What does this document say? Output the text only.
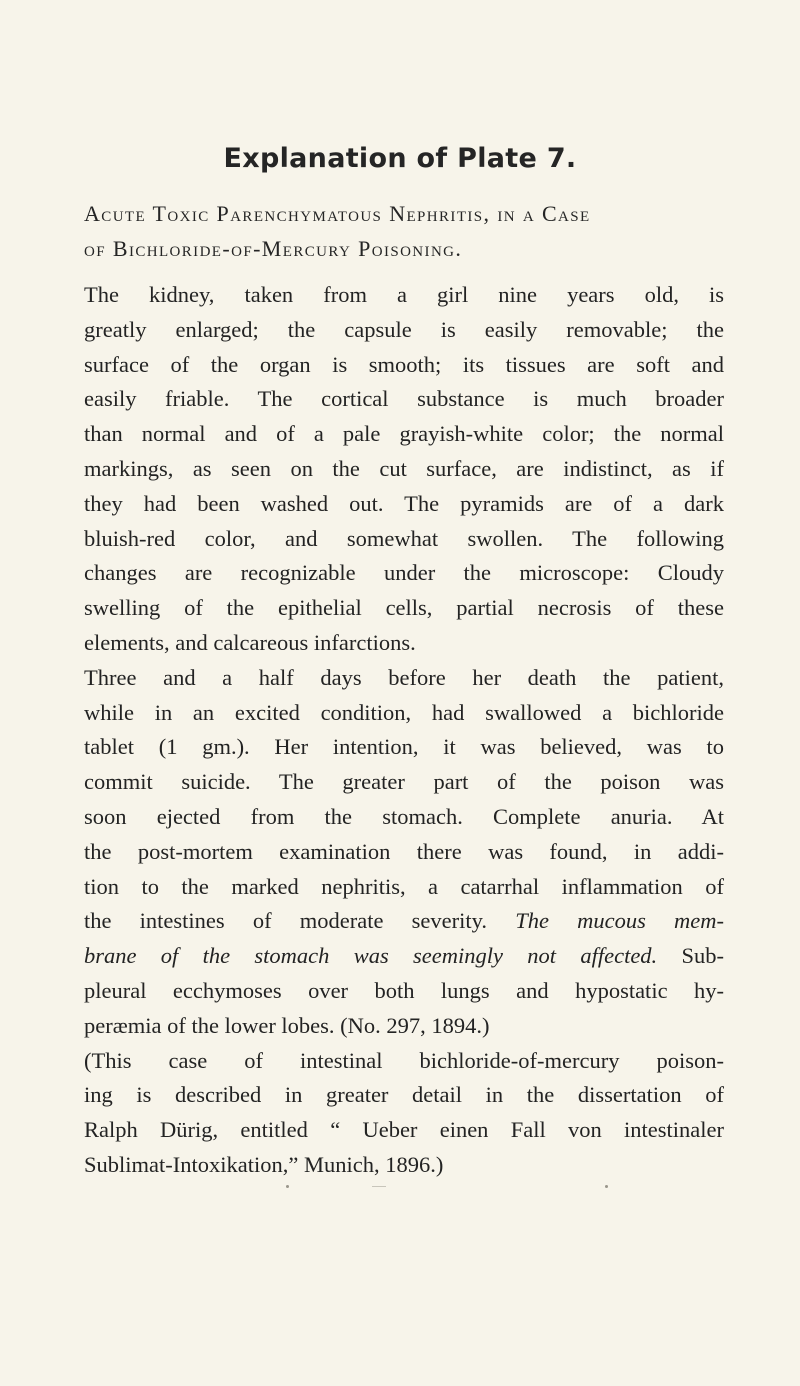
Explanation of Plate 7.
Acute Toxic Parenchymatous Nephritis, in a Case
of Bichloride-of-Mercury Poisoning.
The kidney, taken from a girl nine years old, is
greatly enlarged; the capsule is easily removable; the
surface of the organ is smooth; its tissues are soft and
easily friable. The cortical substance is much broader
than normal and of a pale grayish-white color; the normal
markings, as seen on the cut surface, are indistinct, as if
they had been washed out. The pyramids are of a dark
bluish-red color, and somewhat swollen. The following
changes are recognizable under the microscope: Cloudy
swelling of the epithelial cells, partial necrosis of these
elements, and calcareous infarctions.
Three and a half days before her death the patient,
while in an excited condition, had swallowed a bichloride
tablet (1 gm.). Her intention, it was believed, was to
commit suicide. The greater part of the poison was
soon ejected from the stomach. Complete anuria. At
the post-mortem examination there was found, in addi-
tion to the marked nephritis, a catarrhal inflammation of
the intestines of moderate severity. The mucous mem-
brane of the stomach was seemingly not affected. Sub-
pleural ecchymoses over both lungs and hypostatic hy-
peræmia of the lower lobes. (No. 297, 1894.)
(This case of intestinal bichloride-of-mercury poison-
ing is described in greater detail in the dissertation of
Ralph Dürig, entitled “ Ueber einen Fall von intestinaler
Sublimat-Intoxikation,” Munich, 1896.)
